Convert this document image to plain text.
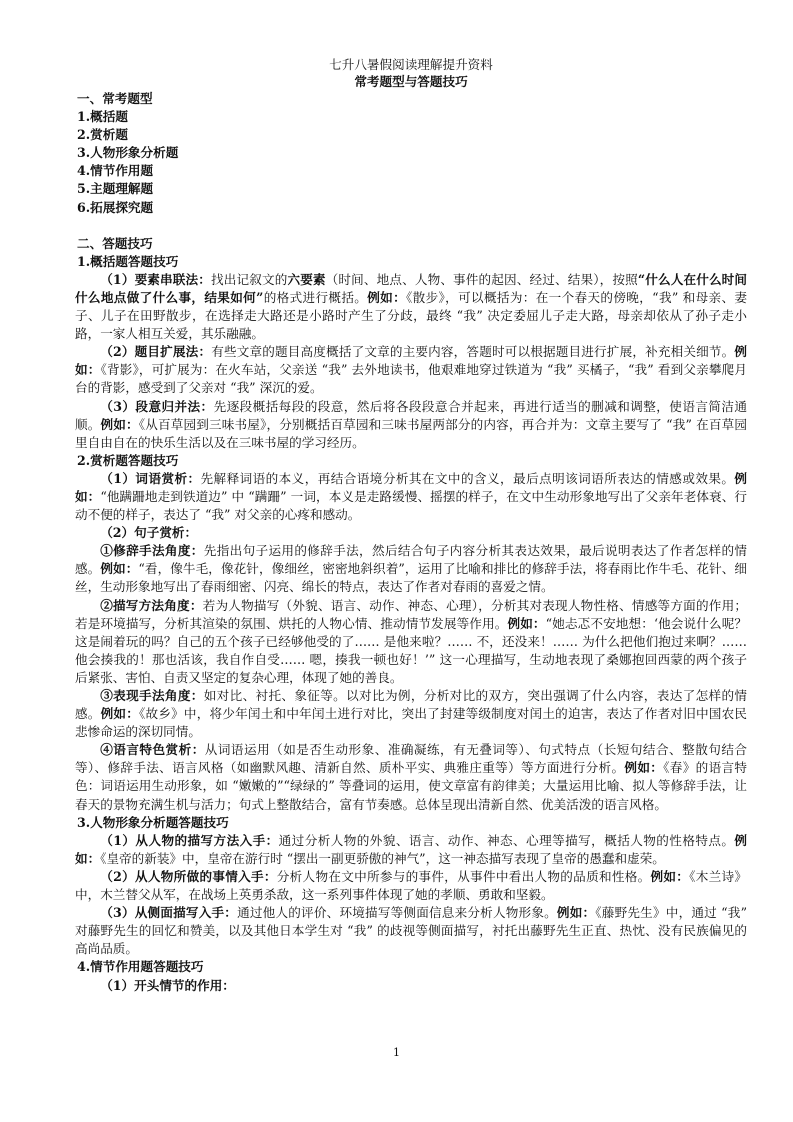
七升八暑假阅读理解提升资料
常考题型与答题技巧
一、常考题型
1.概括题
2.赏析题
3.人物形象分析题
4.情节作用题
5.主题理解题
6.拓展探究题
二、答题技巧
1.概括题答题技巧

（1）要素串联法：找出记叙文的六要素（时间、地点、人物、事件的起因、经过、结果），按照“什么人在什么时间什么地点做了什么事，结果如何”的格式进行概括。例如：《散步》，可以概括为：在一个春天的傍晚，“我” 和母亲、妻子、儿子在田野散步，在选择走大路还是小路时产生了分歧，最终 “我” 决定委屈儿子走大路，母亲却依从了孙子走小路，一家人相互关爱，其乐融融。

（2）题目扩展法：有些文章的题目高度概括了文章的主要内容，答题时可以根据题目进行扩展，补充相关细节。例如：《背影》，可扩展为：在火车站，父亲送 “我” 去外地读书，他艰难地穿过铁道为 “我” 买橘子，“我” 看到父亲攀爬月台的背影，感受到了父亲对 “我” 深沉的爱。

（3）段意归并法：先逐段概括每段的段意，然后将各段段意合并起来，再进行适当的删减和调整，使语言简洁通顺。例如：《从百草园到三味书屋》，分别概括百草园和三味书屋两部分的内容，再合并为：文章主要写了 “我” 在百草园里自由自在的快乐生活以及在三味书屋的学习经历。

2.赏析题答题技巧

（1）词语赏析：先解释词语的本义，再结合语境分析其在文中的含义，最后点明该词语所表达的情感或效果。例如：“他蹒跚地走到铁道边” 中 “蹒跚” 一词，本义是走路缓慢、摇摆的样子，在文中生动形象地写出了父亲年老体衰、行动不便的样子，表达了 “我” 对父亲的心疼和感动。

（2）句子赏析：

①修辞手法角度：先指出句子运用的修辞手法，然后结合句子内容分析其表达效果，最后说明表达了作者怎样的情感。例如：“看，像牛毛，像花针，像细丝，密密地斜织着”，运用了比喻和排比的修辞手法，将春雨比作牛毛、花针、细丝，生动形象地写出了春雨细密、闪亮、绵长的特点，表达了作者对春雨的喜爱之情。

②描写方法角度：若为人物描写（外貌、语言、动作、神态、心理），分析其对表现人物性格、情感等方面的作用；若是环境描写，分析其渲染的氛围、烘托的人物心情、推动情节发展等作用。例如：“她忐忑不安地想：‘他会说什么呢？这是闹着玩的吗？自己的五个孩子已经够他受的了…… 是他来啦？…… 不，还没来！…… 为什么把他们抱过来啊？…… 他会揍我的！那也活该，我自作自受…… 嗯，揍我一顿也好！’” 这一心理描写，生动地表现了桑娜抱回西蒙的两个孩子后紧张、害怕、自责又坚定的复杂心理，体现了她的善良。

③表现手法角度：如对比、衬托、象征等。以对比为例，分析对比的双方，突出强调了什么内容，表达了怎样的情感。例如：《故乡》中，将少年闰土和中年闰土进行对比，突出了封建等级制度对闰土的迫害，表达了作者对旧中国农民悲惨命运的深切同情。

④语言特色赏析：从词语运用（如是否生动形象、准确凝练，有无叠词等）、句式特点（长短句结合、整散句结合等）、修辞手法、语言风格（如幽默风趣、清新自然、质朴平实、典雅庄重等）等方面进行分析。例如：《春》的语言特色：词语运用生动形象，如 “嫩嫩的”“绿绿的” 等叠词的运用，使文章富有韵律美；大量运用比喻、拟人等修辞手法，让春天的景物充满生机与活力；句式上整散结合，富有节奏感。总体呈现出清新自然、优美活泼的语言风格。

3.人物形象分析题答题技巧

（1）从人物的描写方法入手：通过分析人物的外貌、语言、动作、神态、心理等描写，概括人物的性格特点。例如：《皇帝的新装》中，皇帝在游行时 “摆出一副更骄傲的神气”，这一神态描写表现了皇帝的愚蠢和虚荣。

（2）从人物所做的事情入手：分析人物在文中所参与的事件，从事件中看出人物的品质和性格。例如：《木兰诗》中，木兰替父从军，在战场上英勇杀敌，这一系列事件体现了她的孝顺、勇敢和坚毅。

（3）从侧面描写入手：通过他人的评价、环境描写等侧面信息来分析人物形象。例如：《藤野先生》中，通过 “我” 对藤野先生的回忆和赞美，以及其他日本学生对 “我” 的歧视等侧面描写，衬托出藤野先生正直、热忱、没有民族偏见的高尚品质。

4.情节作用题答题技巧

（1）开头情节的作用：

1
